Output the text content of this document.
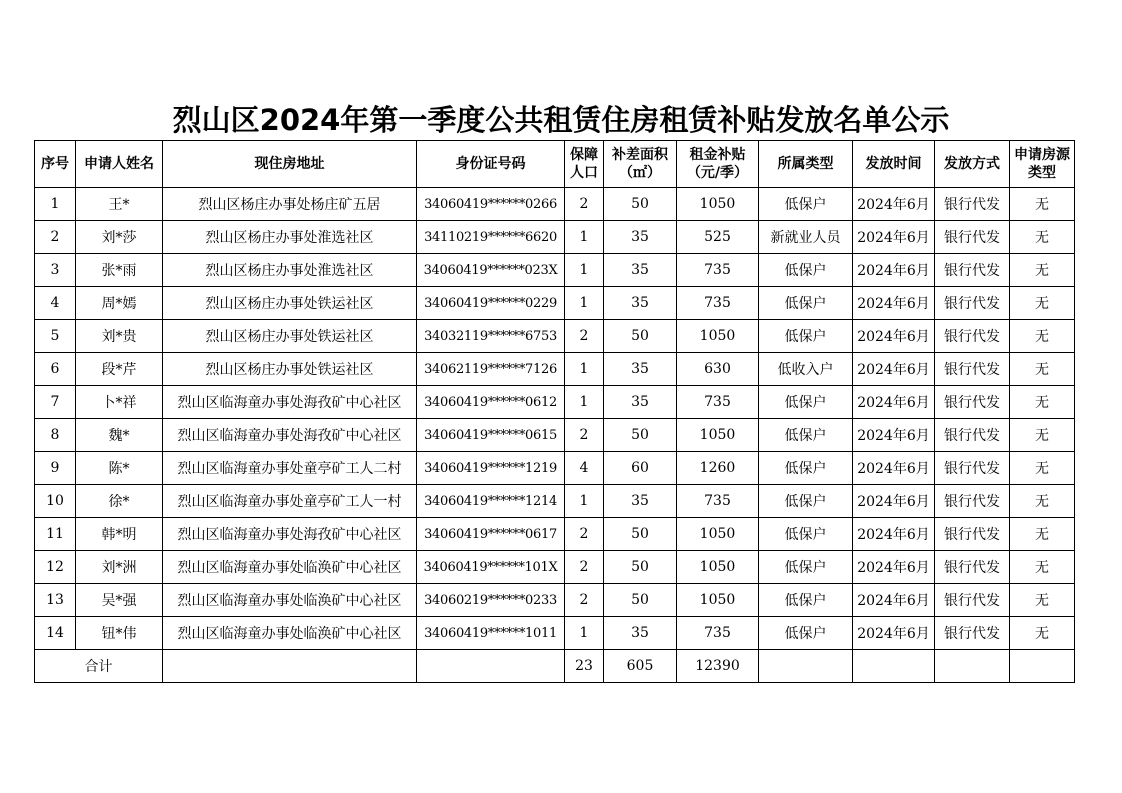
烈山区2024年第一季度公共租赁住房租赁补贴发放名单公示
序号	申请人姓名	现住房地址	身份证号码	保障人口	补差面积（㎡）	租金补贴（元/季）	所属类型	发放时间	发放方式	申请房源类型
1	王*	烈山区杨庄办事处杨庄矿五居	34060419******0266	2	50	1050	低保户	2024年6月	银行代发	无
2	刘*莎	烈山区杨庄办事处淮选社区	34110219******6620	1	35	525	新就业人员	2024年6月	银行代发	无
3	张*雨	烈山区杨庄办事处淮选社区	34060419******023X	1	35	735	低保户	2024年6月	银行代发	无
4	周*嫣	烈山区杨庄办事处铁运社区	34060419******0229	1	35	735	低保户	2024年6月	银行代发	无
5	刘*贵	烈山区杨庄办事处铁运社区	34032119******6753	2	50	1050	低保户	2024年6月	银行代发	无
6	段*芹	烈山区杨庄办事处铁运社区	34062119******7126	1	35	630	低收入户	2024年6月	银行代发	无
7	卜*祥	烈山区临海童办事处海孜矿中心社区	34060419******0612	1	35	735	低保户	2024年6月	银行代发	无
8	魏*	烈山区临海童办事处海孜矿中心社区	34060419******0615	2	50	1050	低保户	2024年6月	银行代发	无
9	陈*	烈山区临海童办事处童亭矿工人二村	34060419******1219	4	60	1260	低保户	2024年6月	银行代发	无
10	徐*	烈山区临海童办事处童亭矿工人一村	34060419******1214	1	35	735	低保户	2024年6月	银行代发	无
11	韩*明	烈山区临海童办事处海孜矿中心社区	34060419******0617	2	50	1050	低保户	2024年6月	银行代发	无
12	刘*洲	烈山区临海童办事处临涣矿中心社区	34060419******101X	2	50	1050	低保户	2024年6月	银行代发	无
13	吴*强	烈山区临海童办事处临涣矿中心社区	34060219******0233	2	50	1050	低保户	2024年6月	银行代发	无
14	钮*伟	烈山区临海童办事处临涣矿中心社区	34060419******1011	1	35	735	低保户	2024年6月	银行代发	无
合计				23	605	12390				
